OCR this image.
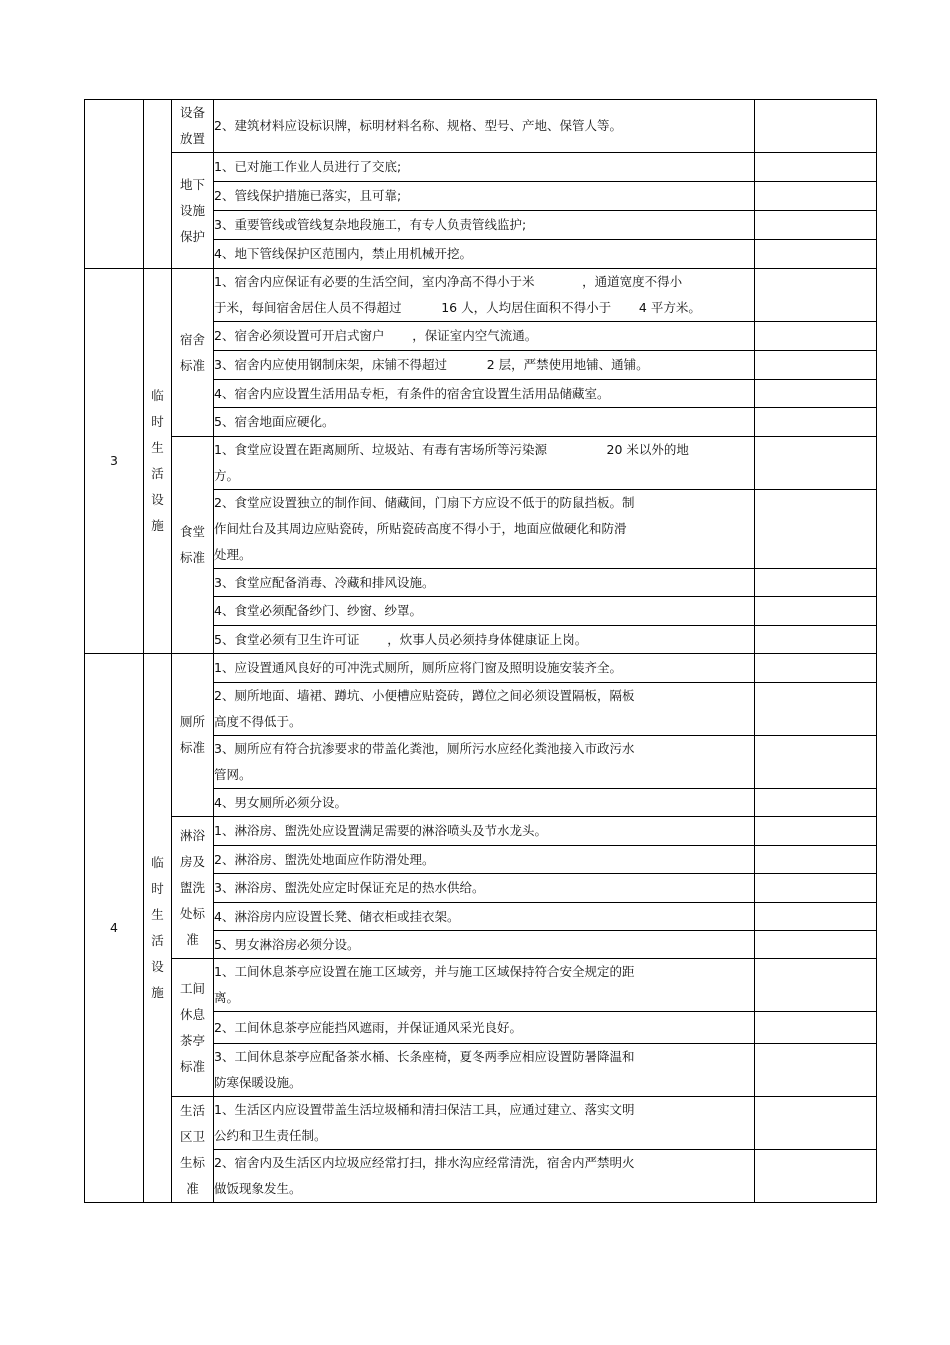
		设备放置	2、建筑材料应设标识牌，标明材料名称、规格、型号、产地、保管人等。	
		地下设施保护	1、已对施工作业人员进行了交底;	
			2、管线保护措施已落实，且可靠;	
			3、重要管线或管线复杂地段施工，有专人负责管线监护;	
			4、地下管线保护区范围内，禁止用机械开挖。	
3	临时生活设施	宿舍标准	1、宿舍内应保证有必要的生活空间，室内净高不得小于米            ，通道宽度不得小
于米，每间宿舍居住人员不得超过          16 人，人均居住面积不得小于       4 平方米。	
			2、宿舍必须设置可开启式窗户       ，保证室内空气流通。	
			3、宿舍内应使用钢制床架，床铺不得超过          2 层，严禁使用地铺、通铺。	
			4、宿舍内应设置生活用品专柜，有条件的宿舍宜设置生活用品储藏室。	
			5、宿舍地面应硬化。	
		食堂标准	1、食堂应设置在距离厕所、垃圾站、有毒有害场所等污染源               20 米以外的地
方。	
			2、食堂应设置独立的制作间、储藏间，门扇下方应设不低于的防鼠挡板。制
作间灶台及其周边应贴瓷砖，所贴瓷砖高度不得小于，地面应做硬化和防滑
处理。	
			3、食堂应配备消毒、冷藏和排风设施。	
			4、食堂必须配备纱门、纱窗、纱罩。	
			5、食堂必须有卫生许可证       ，炊事人员必须持身体健康证上岗。	
4	临时生活设施	厕所标准	1、应设置通风良好的可冲洗式厕所，厕所应将门窗及照明设施安装齐全。	
			2、厕所地面、墙裙、蹲坑、小便槽应贴瓷砖，蹲位之间必须设置隔板，隔板
高度不得低于。	
			3、厕所应有符合抗渗要求的带盖化粪池，厕所污水应经化粪池接入市政污水
管网。	
			4、男女厕所必须分设。	
		淋浴房及盥洗处标准	1、淋浴房、盥洗处应设置满足需要的淋浴喷头及节水龙头。	
			2、淋浴房、盥洗处地面应作防滑处理。	
			3、淋浴房、盥洗处应定时保证充足的热水供给。	
			4、淋浴房内应设置长凳、储衣柜或挂衣架。	
			5、男女淋浴房必须分设。	
		工间休息茶亭标准	1、工间休息茶亭应设置在施工区域旁，并与施工区域保持符合安全规定的距
离。	
			2、工间休息茶亭应能挡风遮雨，并保证通风采光良好。	
			3、工间休息茶亭应配备茶水桶、长条座椅，夏冬两季应相应设置防暑降温和
防寒保暖设施。	
		生活区卫生标准	1、生活区内应设置带盖生活垃圾桶和清扫保洁工具，应通过建立、落实文明
公约和卫生责任制。	
			2、宿舍内及生活区内垃圾应经常打扫，排水沟应经常清洗，宿舍内严禁明火
做饭现象发生。	
